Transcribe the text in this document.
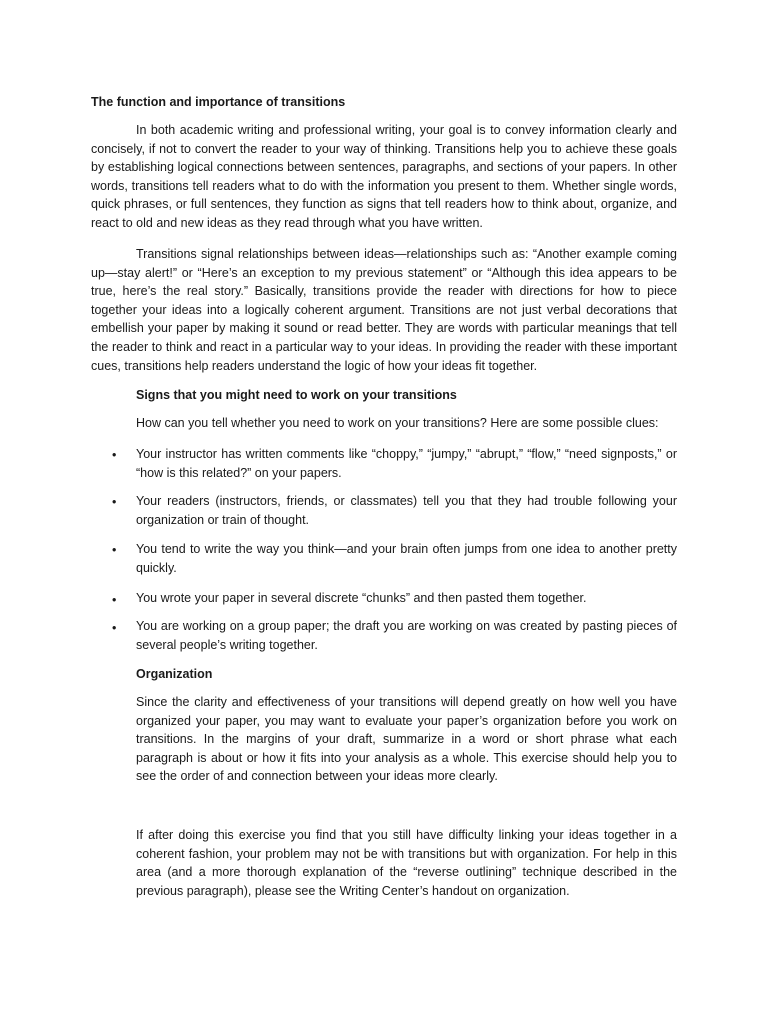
The function and importance of transitions

In both academic writing and professional writing, your goal is to convey information clearly and concisely, if not to convert the reader to your way of thinking. Transitions help you to achieve these goals by establishing logical connections between sentences, paragraphs, and sections of your papers. In other words, transitions tell readers what to do with the information you present to them. Whether single words, quick phrases, or full sentences, they function as signs that tell readers how to think about, organize, and react to old and new ideas as they read through what you have written.

Transitions signal relationships between ideas—relationships such as: “Another example coming up—stay alert!” or “Here’s an exception to my previous statement” or “Although this idea appears to be true, here’s the real story.” Basically, transitions provide the reader with directions for how to piece together your ideas into a logically coherent argument. Transitions are not just verbal decorations that embellish your paper by making it sound or read better. They are words with particular meanings that tell the reader to think and react in a particular way to your ideas. In providing the reader with these important cues, transitions help readers understand the logic of how your ideas fit together.

Signs that you might need to work on your transitions

How can you tell whether you need to work on your transitions? Here are some possible clues:

• Your instructor has written comments like “choppy,” “jumpy,” “abrupt,” “flow,” “need signposts,” or “how is this related?” on your papers.

• Your readers (instructors, friends, or classmates) tell you that they had trouble following your organization or train of thought.

• You tend to write the way you think—and your brain often jumps from one idea to another pretty quickly.

• You wrote your paper in several discrete “chunks” and then pasted them together.

• You are working on a group paper; the draft you are working on was created by pasting pieces of several people’s writing together.

Organization

Since the clarity and effectiveness of your transitions will depend greatly on how well you have organized your paper, you may want to evaluate your paper’s organization before you work on transitions. In the margins of your draft, summarize in a word or short phrase what each paragraph is about or how it fits into your analysis as a whole. This exercise should help you to see the order of and connection between your ideas more clearly.

If after doing this exercise you find that you still have difficulty linking your ideas together in a coherent fashion, your problem may not be with transitions but with organization. For help in this area (and a more thorough explanation of the “reverse outlining” technique described in the previous paragraph), please see the Writing Center’s handout on organization.
